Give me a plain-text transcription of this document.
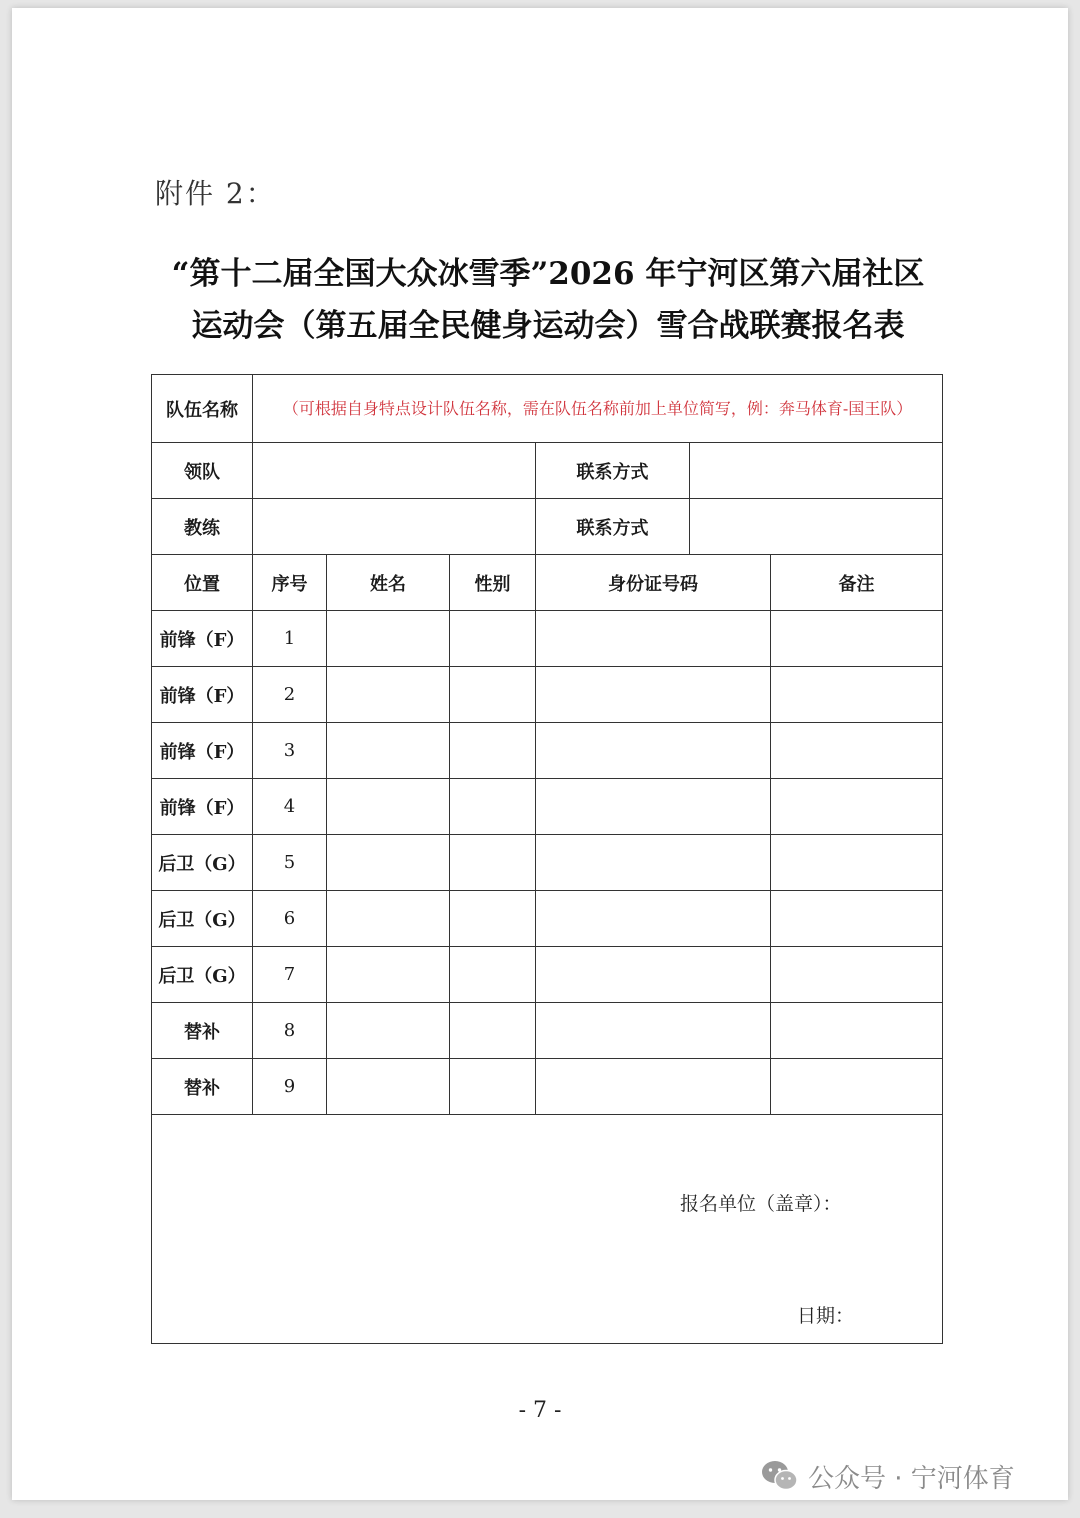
附件 2：
“第十二届全国大众冰雪季”2026 年宁河区第六届社区
运动会（第五届全民健身运动会）雪合战联赛报名表
队伍名称	（可根据自身特点设计队伍名称，需在队伍名称前加上单位简写，例：奔马体育-国王队）					
领队				联系方式		
教练				联系方式		
位置	序号	姓名	性别	身份证号码		备注
前锋（F）	1					
前锋（F）	2					
前锋（F）	3					
前锋（F）	4					
后卫（G）	5					
后卫（G）	6					
后卫（G）	7					
替补	8					
替补	9					

报名单位（盖章）：
日期：						
- 7 -
公众号 · 宁河体育
